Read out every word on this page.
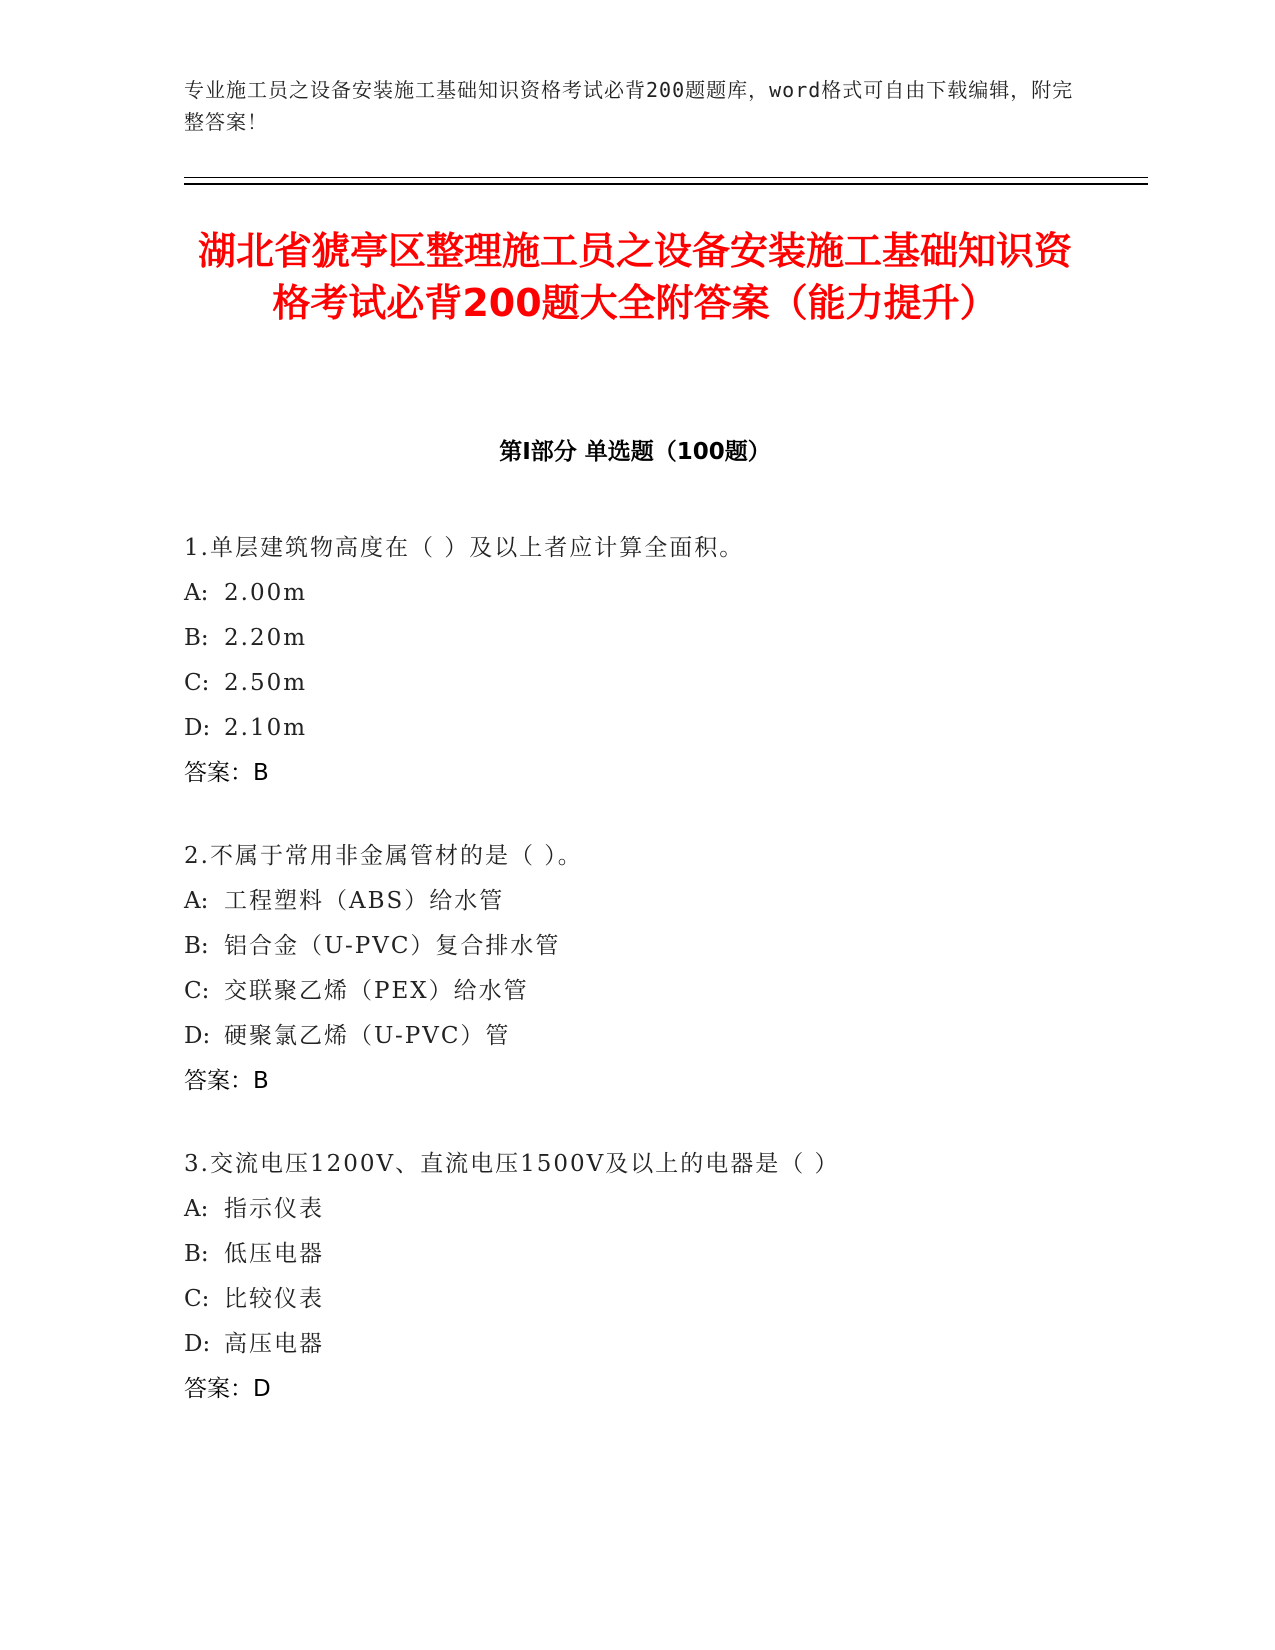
专业施工员之设备安装施工基础知识资格考试必背200题题库，word格式可自由下载编辑，附完整答案！
湖北省猇亭区整理施工员之设备安装施工基础知识资格考试必背200题大全附答案（能力提升）
第I部分 单选题（100题）
1.单层建筑物高度在（ ）及以上者应计算全面积。
A: 2.00m
B: 2.20m
C: 2.50m
D: 2.10m
答案：B
2.不属于常用非金属管材的是（ ）。
A: 工程塑料（ABS）给水管
B: 铝合金（U-PVC）复合排水管
C: 交联聚乙烯（PEX）给水管
D: 硬聚氯乙烯（U-PVC）管
答案：B
3.交流电压1200V、直流电压1500V及以上的电器是（ ）
A: 指示仪表
B: 低压电器
C: 比较仪表
D: 高压电器
答案：D
